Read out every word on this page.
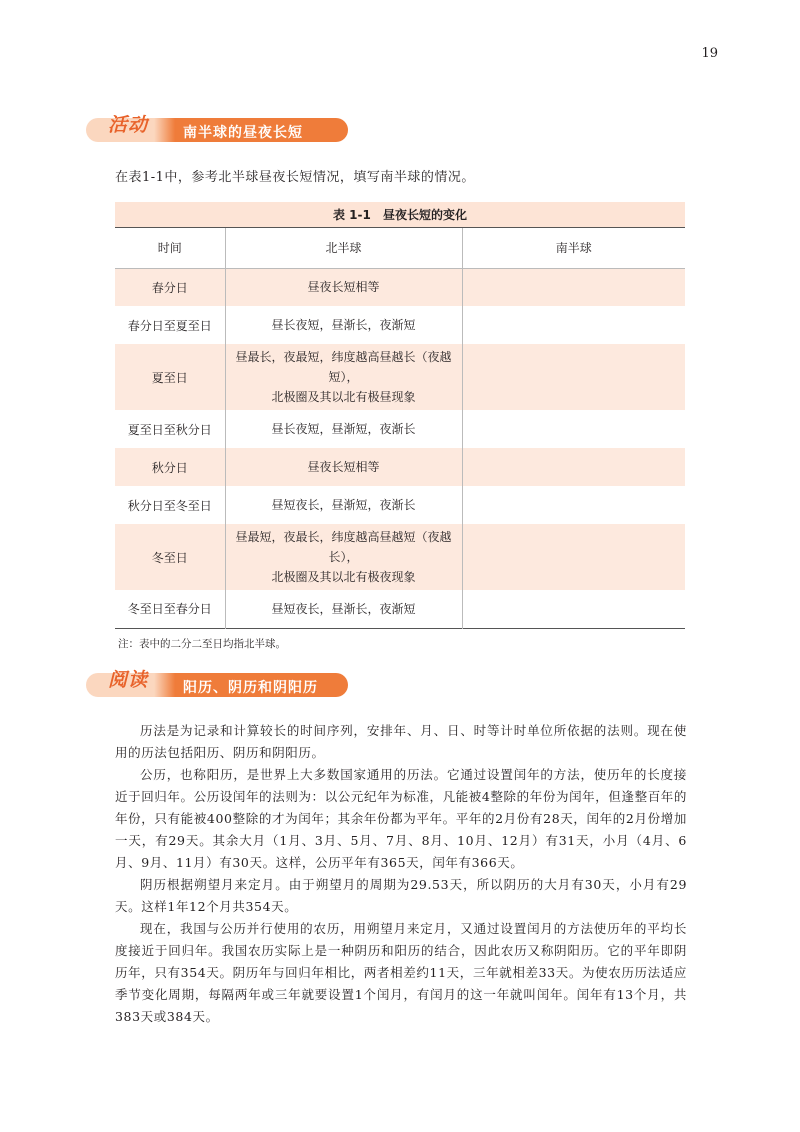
19
活动 南半球的昼夜长短
在表1-1中，参考北半球昼夜长短情况，填写南半球的情况。
表 1-1 昼夜长短的变化
时间	北半球	南半球
春分日	昼夜长短相等	
春分日至夏至日	昼长夜短，昼渐长，夜渐短	
夏至日	昼最长，夜最短，纬度越高昼越长（夜越短），
北极圈及其以北有极昼现象	
夏至日至秋分日	昼长夜短，昼渐短，夜渐长	
秋分日	昼夜长短相等	
秋分日至冬至日	昼短夜长，昼渐短，夜渐长	
冬至日	昼最短，夜最长，纬度越高昼越短（夜越长），
北极圈及其以北有极夜现象	
冬至日至春分日	昼短夜长，昼渐长，夜渐短	
注：表中的二分二至日均指北半球。
阅读 阳历、阴历和阴阳历

历法是为记录和计算较长的时间序列，安排年、月、日、时等计时单位所依据的法则。现在使用的历法包括阳历、阴历和阴阳历。

公历，也称阳历，是世界上大多数国家通用的历法。它通过设置闰年的方法，使历年的长度接近于回归年。公历设闰年的法则为：以公元纪年为标准，凡能被4整除的年份为闰年，但逢整百年的年份，只有能被400整除的才为闰年；其余年份都为平年。平年的2月份有28天，闰年的2月份增加一天，有29天。其余大月（1月、3月、5月、7月、8月、10月、12月）有31天，小月（4月、6月、9月、11月）有30天。这样，公历平年有365天，闰年有366天。

阴历根据朔望月来定月。由于朔望月的周期为29.53天，所以阴历的大月有30天，小月有29天。这样1年12个月共354天。

现在，我国与公历并行使用的农历，用朔望月来定月，又通过设置闰月的方法使历年的平均长度接近于回归年。我国农历实际上是一种阴历和阳历的结合，因此农历又称阴阳历。它的平年即阴历年，只有354天。阴历年与回归年相比，两者相差约11天，三年就相差33天。为使农历历法适应季节变化周期，每隔两年或三年就要设置1个闰月，有闰月的这一年就叫闰年。闰年有13个月，共383天或384天。
